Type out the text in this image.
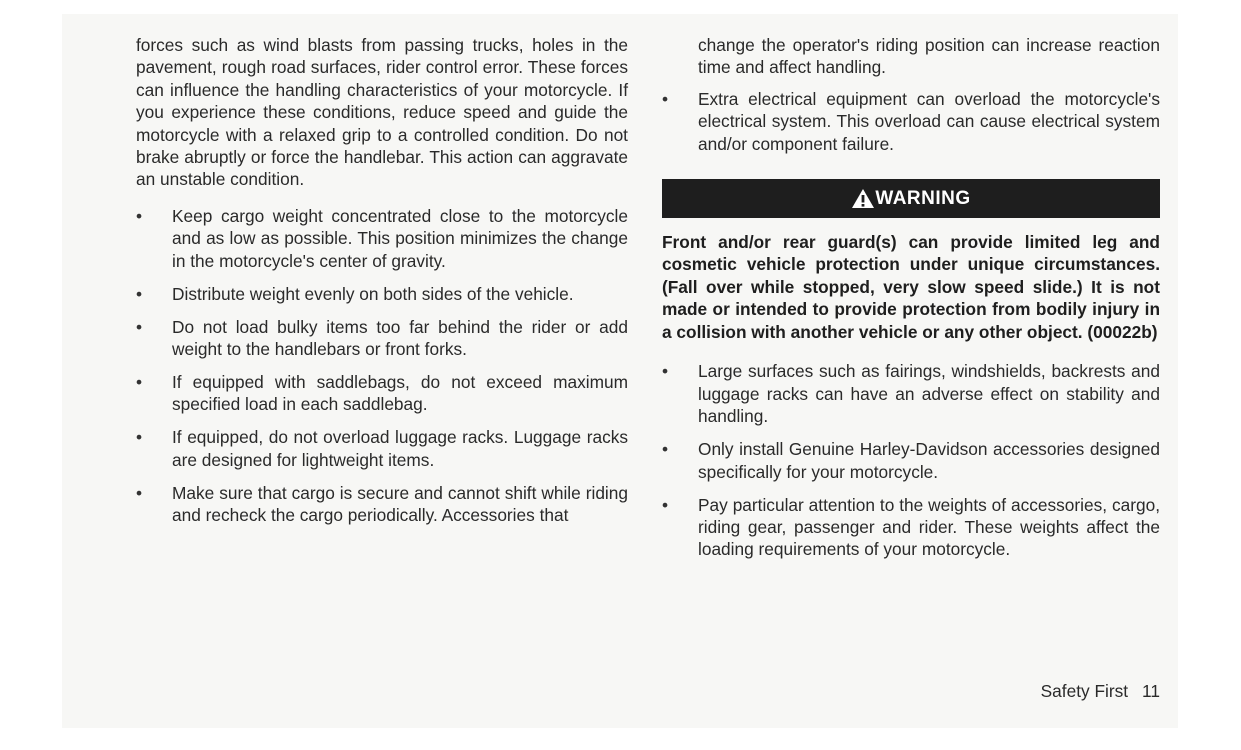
forces such as wind blasts from passing trucks, holes in the pavement, rough road surfaces, rider control error. These forces can influence the handling characteristics of your motorcycle. If you experience these conditions, reduce speed and guide the motorcycle with a relaxed grip to a controlled condition. Do not brake abruptly or force the handlebar. This action can aggravate an unstable condition.

• Keep cargo weight concentrated close to the motorcycle and as low as possible. This position minimizes the change in the motorcycle's center of gravity.
• Distribute weight evenly on both sides of the vehicle.
• Do not load bulky items too far behind the rider or add weight to the handlebars or front forks.
• If equipped with saddlebags, do not exceed maximum specified load in each saddlebag.
• If equipped, do not overload luggage racks. Luggage racks are designed for lightweight items.
• Make sure that cargo is secure and cannot shift while riding and recheck the cargo periodically. Accessories that

change the operator's riding position can increase reaction time and affect handling.

• Extra electrical equipment can overload the motorcycle's electrical system. This overload can cause electrical system and/or component failure.
WARNING

Front and/or rear guard(s) can provide limited leg and cosmetic vehicle protection under unique circumstances. (Fall over while stopped, very slow speed slide.) It is not made or intended to provide protection from bodily injury in a collision with another vehicle or any other object. (00022b)

• Large surfaces such as fairings, windshields, backrests and luggage racks can have an adverse effect on stability and handling.
• Only install Genuine Harley-Davidson accessories designed specifically for your motorcycle.
• Pay particular attention to the weights of accessories, cargo, riding gear, passenger and rider. These weights affect the loading requirements of your motorcycle.
Safety First 11
